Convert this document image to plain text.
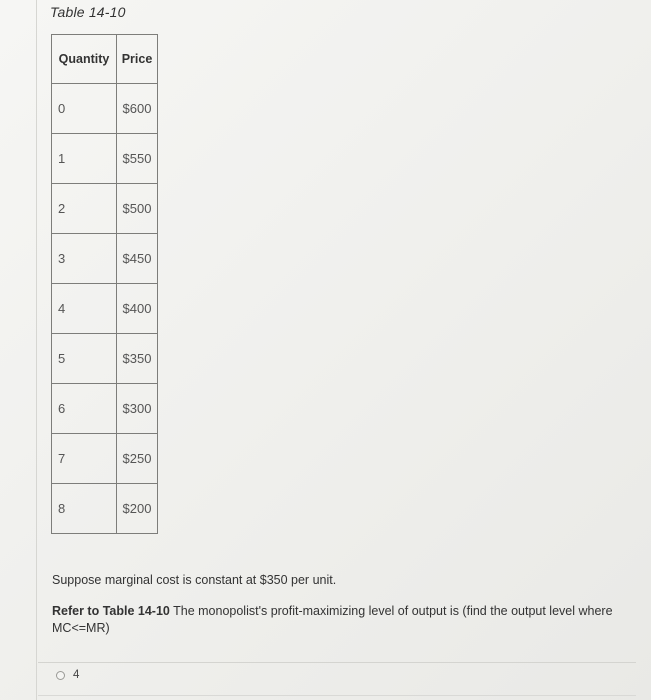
Table 14-10
Quantity	Price
0	$600
1	$550
2	$500
3	$450
4	$400
5	$350
6	$300
7	$250
8	$200
Suppose marginal cost is constant at $350 per unit.
Refer to Table 14-10 The monopolist's profit-maximizing level of output is (find the output level where MC<=MR)
4
